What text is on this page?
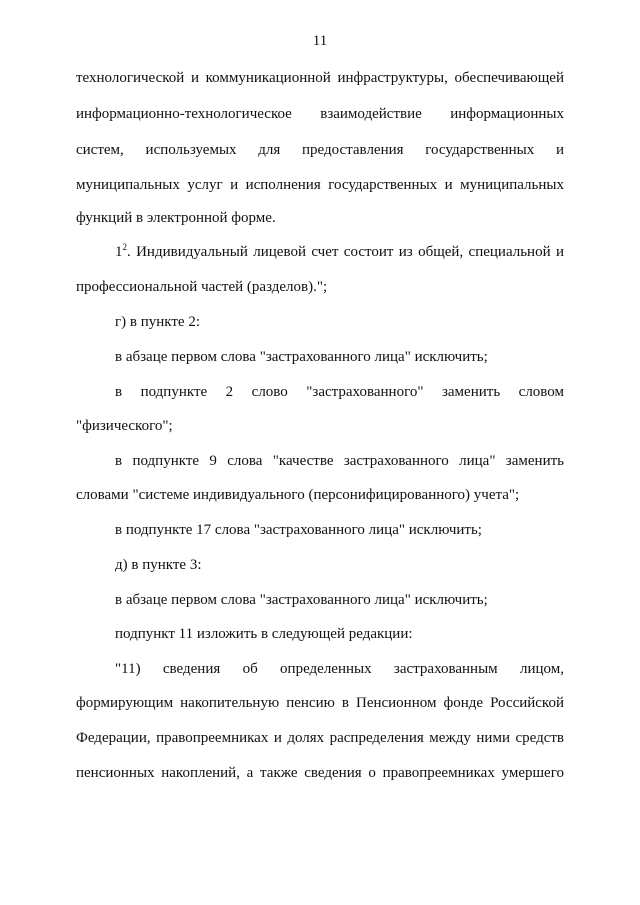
11
технологической и коммуникационной инфраструктуры, обеспечивающей
информационно-технологическое взаимодействие информационных
систем, используемых для предоставления государственных и
муниципальных услуг и исполнения государственных и муниципальных
функций в электронной форме.
$1^2$. Индивидуальный лицевой счет состоит из общей, специальной и
профессиональной частей (разделов).";
г) в пункте 2:
в абзаце первом слова "застрахованного лица" исключить;
в подпункте 2 слово "застрахованного" заменить словом
"физического";
в подпункте 9 слова "качестве застрахованного лица" заменить
словами "системе индивидуального (персонифицированного) учета";
в подпункте 17 слова "застрахованного лица" исключить;
д) в пункте 3:
в абзаце первом слова "застрахованного лица" исключить;
подпункт 11 изложить в следующей редакции:
"11) сведения об определенных застрахованным лицом,
формирующим накопительную пенсию в Пенсионном фонде Российской
Федерации, правопреемниках и долях распределения между ними средств
пенсионных накоплений, а также сведения о правопреемниках умершего
